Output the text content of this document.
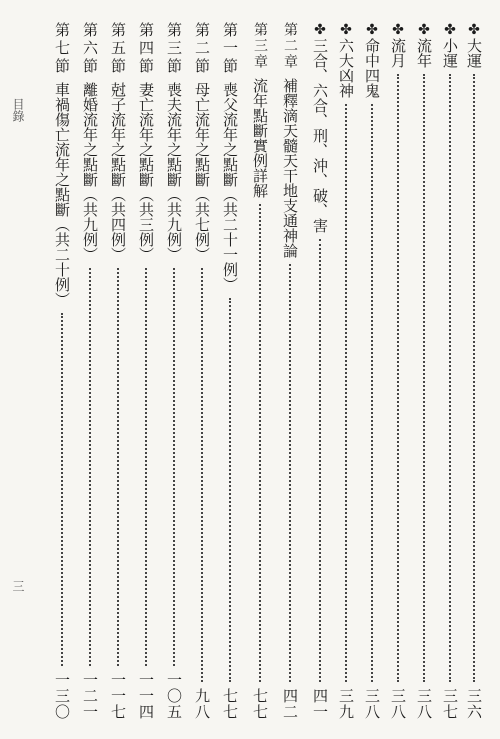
目錄
三
✤大運
三六
✤小運
三七
✤流年
三八
✤流月
三八
✤命中四鬼
三八
✤六大凶神
三九
✤三合、六合、刑、沖、破、害
四一
第二章補釋滴天髓天干地支通神論
四二
第三章流年點斷實例詳解
七七
第一節喪父流年之點斷（共二十一例）
七七
第二節母亡流年之點斷（共七例）
九八
第三節喪夫流年之點斷（共九例）
一〇五
第四節妻亡流年之點斷（共三例）
一一四
第五節尅子流年之點斷（共四例）
一一七
第六節離婚流年之點斷（共九例）
一二一
第七節車禍傷亡流年之點斷（共二十例）
一三〇
